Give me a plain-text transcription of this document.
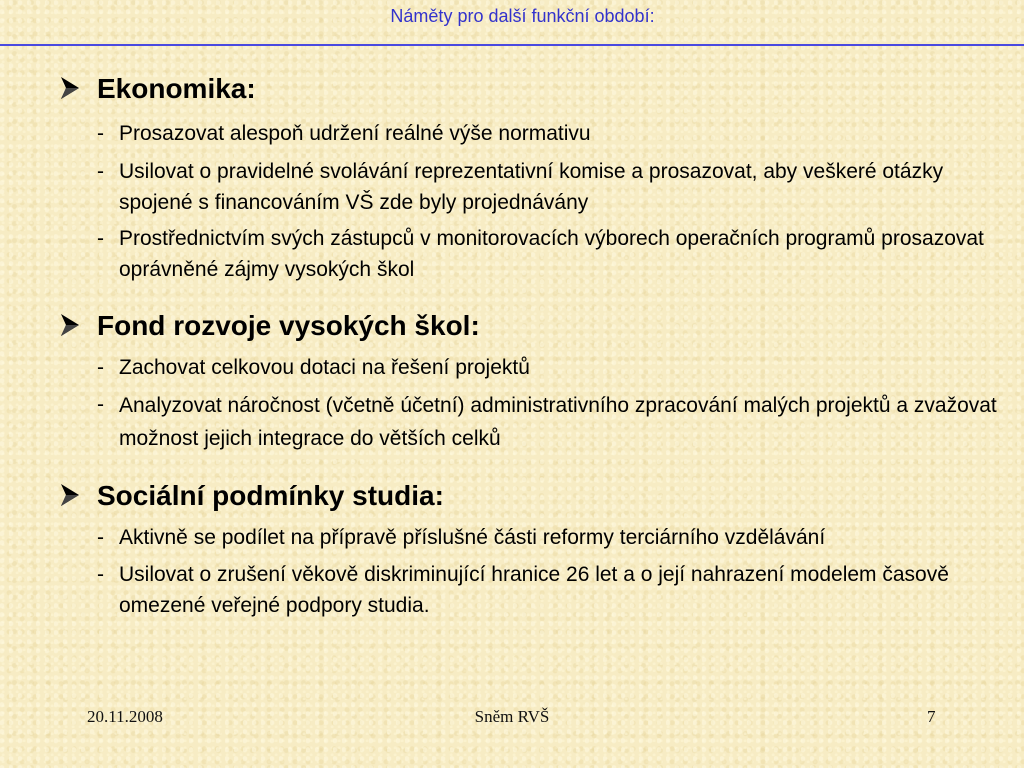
Náměty pro další funkční období:
Ekonomika:
- Prosazovat alespoň udržení reálné výše normativu
- Usilovat o pravidelné svolávání reprezentativní komise a prosazovat, aby veškeré otázky spojené s financováním VŠ zde byly projednávány
- Prostřednictvím svých zástupců v monitorovacích výborech operačních programů prosazovat oprávněné zájmy vysokých škol
Fond rozvoje vysokých škol:
- Zachovat celkovou dotaci na řešení projektů
- Analyzovat náročnost (včetně účetní) administrativního zpracování malých projektů a zvažovat možnost jejich integrace do větších celků
Sociální podmínky studia:
- Aktivně se podílet na přípravě příslušné části reformy terciárního vzdělávání
- Usilovat o zrušení věkově diskriminující hranice 26 let a o její nahrazení modelem časově omezené veřejné podpory studia.
20.11.2008	Sněm RVŠ	7
